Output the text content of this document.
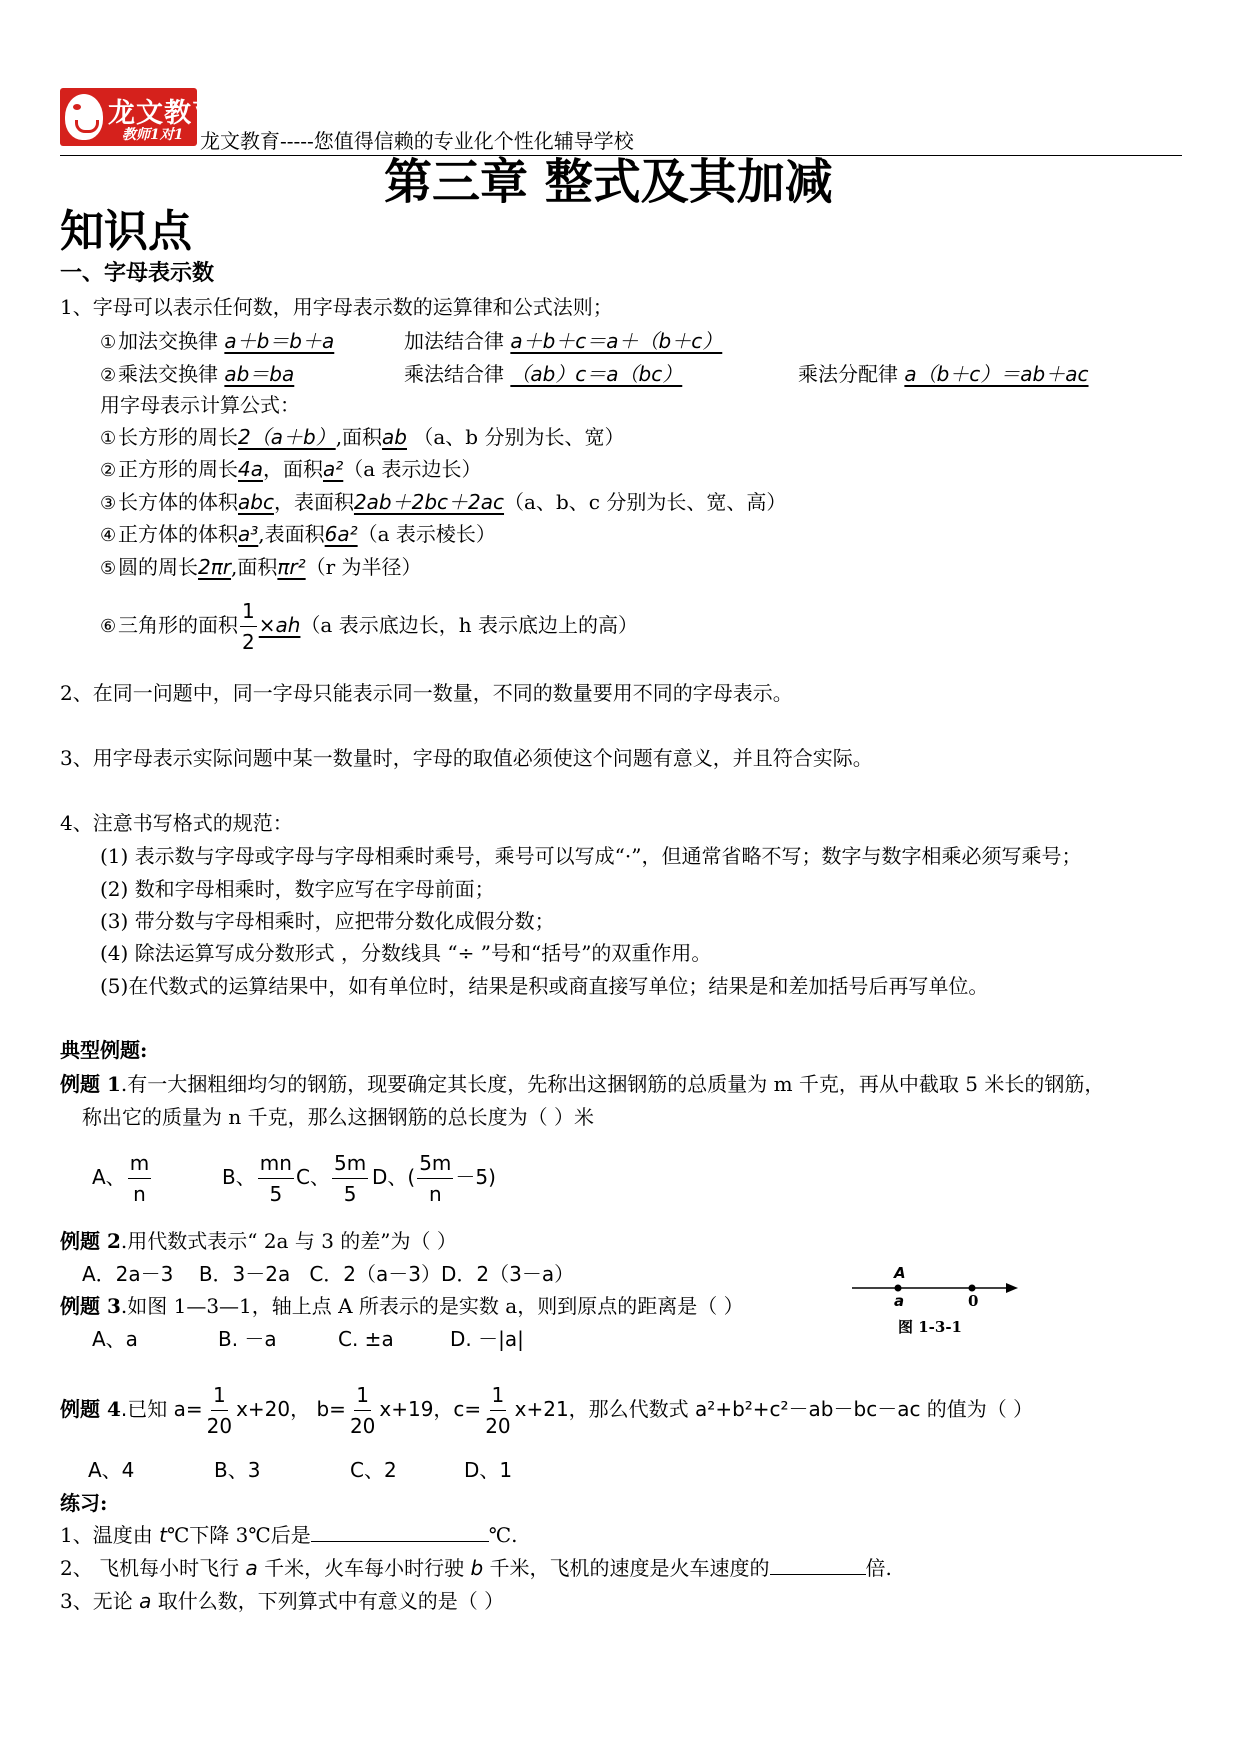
龙文教育
教师1对1 龙文教育-----您值得信赖的专业化个性化辅导学校
第三章 整式及其加减
知识点
一、字母表示数
1、字母可以表示任何数，用字母表示数的运算律和公式法则；
①加法交换律 a＋b＝b＋a	加法结合律 a＋b＋c＝a＋（b＋c）
②乘法交换律 ab＝ba	乘法结合律 （ab）c＝a（bc）	乘法分配律 a（b＋c）＝ab＋ac
用字母表示计算公式：
①长方形的周长2（a＋b）,面积ab （a、b 分别为长、宽）
②正方形的周长4a，面积a²（a 表示边长）
③长方体的体积abc，表面积2ab＋2bc＋2ac（a、b、c 分别为长、宽、高）
④正方体的体积a³,表面积6a²（a 表示棱长）
⑤圆的周长2πr,面积πr²（r 为半径）
⑥三角形的面积 $\frac{1}{2} \times ah(a$ 表示底边长，h 表示底边上的高）
2、在同一问题中，同一字母只能表示同一数量，不同的数量要用不同的字母表示。
3、用字母表示实际问题中某一数量时，字母的取值必须使这个问题有意义，并且符合实际。
4、注意书写格式的规范：
(1) 表示数与字母或字母与字母相乘时乘号，乘号可以写成“·”，但通常省略不写；数字与数字相乘必须写乘号；
(2) 数和字母相乘时，数字应写在字母前面；
(3) 带分数与字母相乘时，应把带分数化成假分数；
(4) 除法运算写成分数形式 ，分数线具 “÷ ”号和“括号”的双重作用。
(5)在代数式的运算结果中，如有单位时，结果是积或商直接写单位；结果是和差加括号后再写单位。
典型例题:
例题 1.有一大捆粗细均匀的钢筋，现要确定其长度，先称出这捆钢筋的总质量为 m 千克，再从中截取 5 米长的钢筋，
称出它的质量为 n 千克，那么这捆钢筋的总长度为（ ）米
A、 $\frac{m}{n}$	B、 $\frac{mn}{5}$ C、 $\frac{5m}{5}$ D、( $\frac{5m}{n} -5$)
例题 2.用代数式表示“ 2a 与 3 的差”为（ ）
A．2a－3    B．3－2a   C．2（a－3）D．2（3－a）
例题 3.如图 1—3—1，轴上点 A 所表示的是实数 a，则到原点的距离是（ ）
A、a	B. －a	C. ±a	D. －|a|
A
a	0
图 1-3-1
例题 4.已知 $a= \frac{1}{20} x+20$， $b= \frac{1}{20} x+19$，$c= \frac{1}{20} x+21$，那么代数式 a²+b²+c²－ab－bc－ac 的值为（ ）
A、4	B、3	C、2	D、1
练习:
1、温度由 t℃下降 3℃后是	℃.
2、 飞机每小时飞行 a 千米，火车每小时行驶 b 千米，飞机的速度是火车速度的	倍.
3、无论 a 取什么数，下列算式中有意义的是（ ）
